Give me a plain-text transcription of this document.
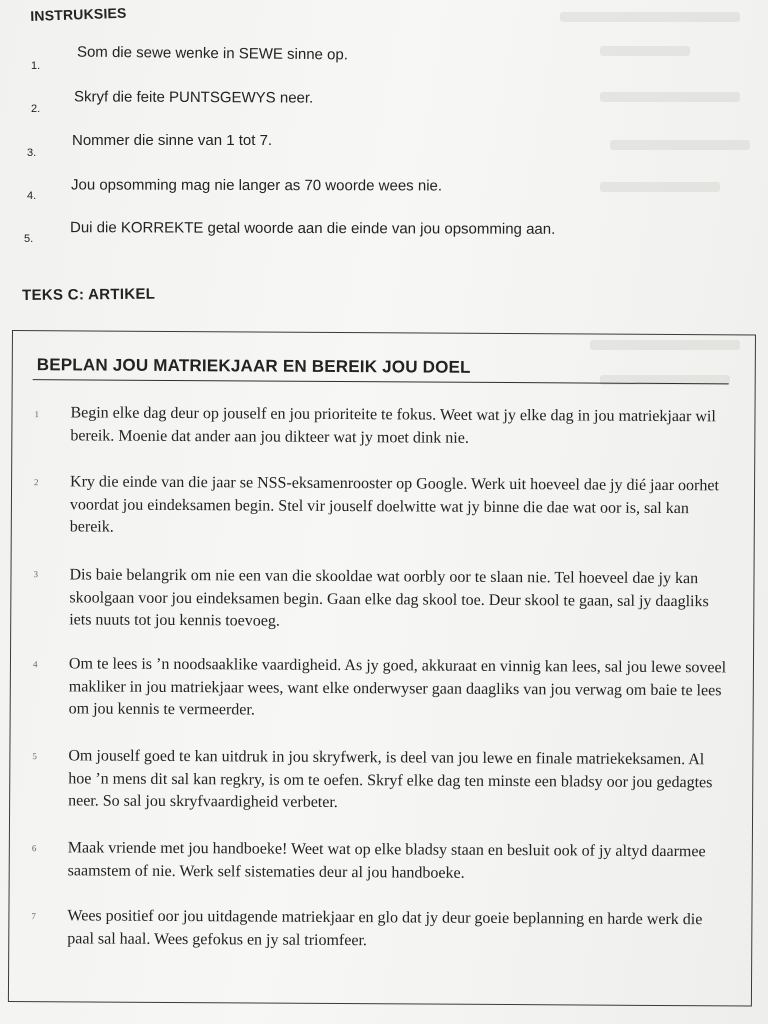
INSTRUKSIES
1.
Som die sewe wenke in SEWE sinne op.
2.
Skryf die feite PUNTSGEWYS neer.
3.
Nommer die sinne van 1 tot 7.
4.
Jou opsomming mag nie langer as 70 woorde wees nie.
5.
Dui die KORREKTE getal woorde aan die einde van jou opsomming aan.
TEKS C: ARTIKEL
BEPLAN JOU MATRIEKJAAR EN BEREIK JOU DOEL
1 Begin elke dag deur op jouself en jou prioriteite te fokus. Weet wat jy elke dag in jou matriekjaar wil bereik. Moenie dat ander aan jou dikteer wat jy moet dink nie.
2 Kry die einde van die jaar se NSS-eksamenrooster op Google. Werk uit hoeveel dae jy dié jaar oorhet voordat jou eindeksamen begin. Stel vir jouself doelwitte wat jy binne die dae wat oor is, sal kan bereik.
3 Dis baie belangrik om nie een van die skooldae wat oorbly oor te slaan nie. Tel hoeveel dae jy kan skoolgaan voor jou eindeksamen begin. Gaan elke dag skool toe. Deur skool te gaan, sal jy daagliks iets nuuts tot jou kennis toevoeg.
4 Om te lees is ’n noodsaaklike vaardigheid. As jy goed, akkuraat en vinnig kan lees, sal jou lewe soveel makliker in jou matriekjaar wees, want elke onderwyser gaan daagliks van jou verwag om baie te lees om jou kennis te vermeerder.
5 Om jouself goed te kan uitdruk in jou skryfwerk, is deel van jou lewe en finale matriekeksamen. Al hoe ’n mens dit sal kan regkry, is om te oefen. Skryf elke dag ten minste een bladsy oor jou gedagtes neer. So sal jou skryfvaardigheid verbeter.
6 Maak vriende met jou handboeke! Weet wat op elke bladsy staan en besluit ook of jy altyd daarmee saamstem of nie. Werk self sistematies deur al jou handboeke.
7 Wees positief oor jou uitdagende matriekjaar en glo dat jy deur goeie beplanning en harde werk die paal sal haal. Wees gefokus en jy sal triomfeer.
